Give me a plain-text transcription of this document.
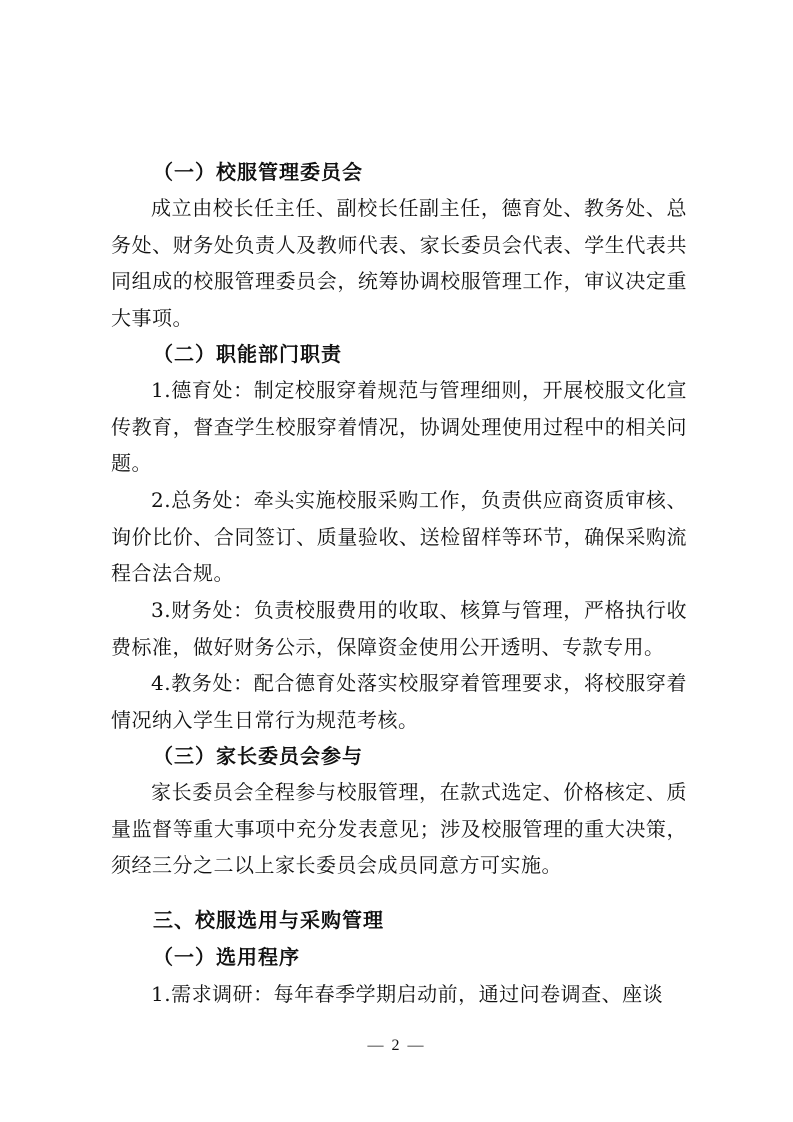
（一）校服管理委员会
成立由校长任主任、副校长任副主任，德育处、教务处、总务处、财务处负责人及教师代表、家长委员会代表、学生代表共同组成的校服管理委员会，统筹协调校服管理工作，审议决定重大事项。
（二）职能部门职责
1.德育处：制定校服穿着规范与管理细则，开展校服文化宣传教育，督查学生校服穿着情况，协调处理使用过程中的相关问题。
2.总务处：牵头实施校服采购工作，负责供应商资质审核、询价比价、合同签订、质量验收、送检留样等环节，确保采购流程合法合规。
3.财务处：负责校服费用的收取、核算与管理，严格执行收费标准，做好财务公示，保障资金使用公开透明、专款专用。
4.教务处：配合德育处落实校服穿着管理要求，将校服穿着情况纳入学生日常行为规范考核。
（三）家长委员会参与
家长委员会全程参与校服管理，在款式选定、价格核定、质量监督等重大事项中充分发表意见；涉及校服管理的重大决策，须经三分之二以上家长委员会成员同意方可实施。
三、校服选用与采购管理
（一）选用程序
1.需求调研：每年春季学期启动前，通过问卷调查、座谈
— 2 —
